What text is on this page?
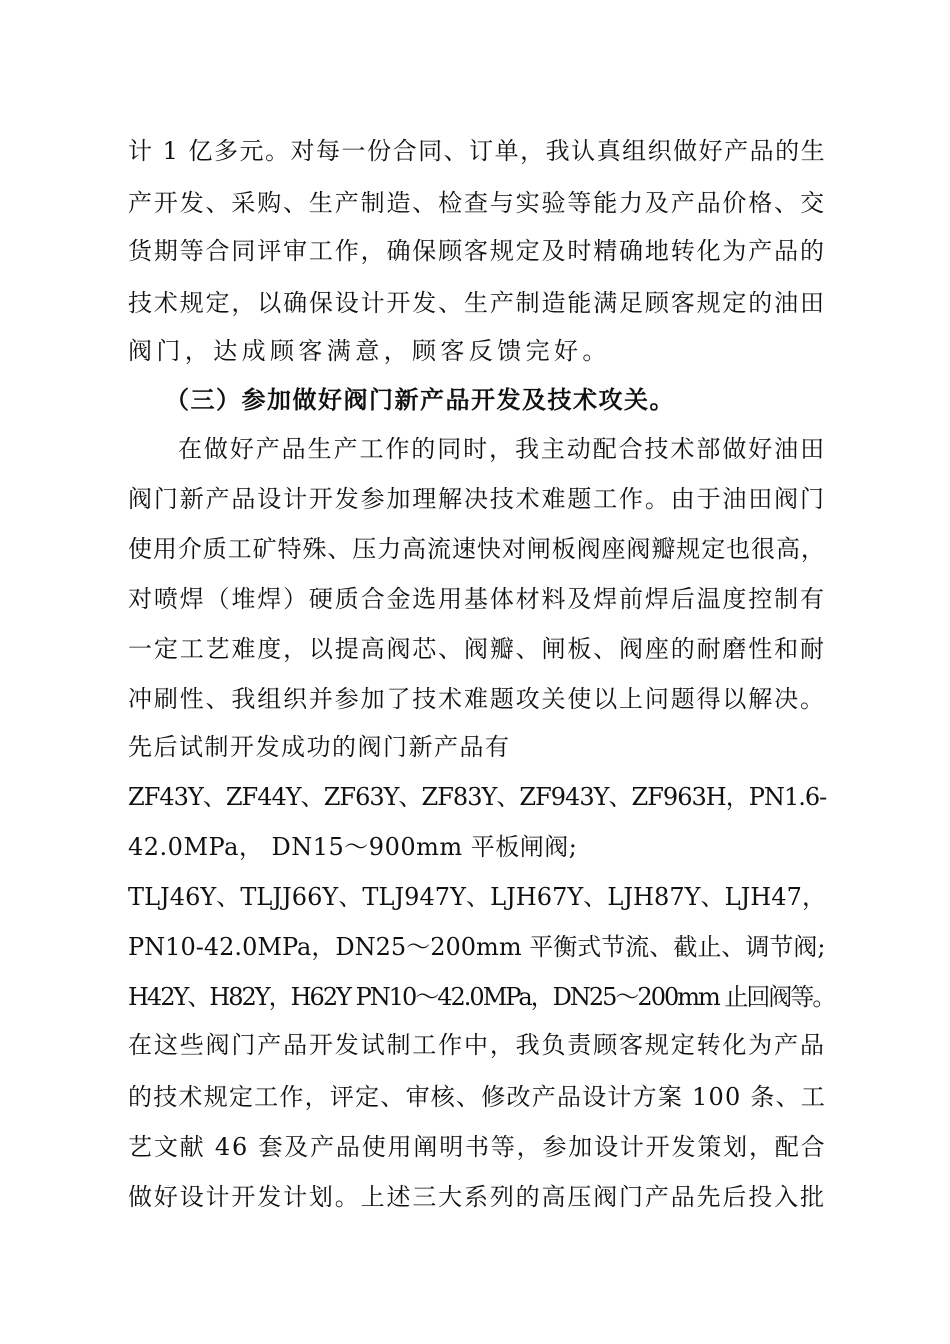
计 1 亿多元。对每一份合同、订单，我认真组织做好产品的生
产开发、采购、生产制造、检查与实验等能力及产品价格、交
货期等合同评审工作，确保顾客规定及时精确地转化为产品的
技术规定，以确保设计开发、生产制造能满足顾客规定的油田
阀门，达成顾客满意，顾客反馈完好。
（三）参加做好阀门新产品开发及技术攻关。
在做好产品生产工作的同时，我主动配合技术部做好油田
阀门新产品设计开发参加理解决技术难题工作。由于油田阀门
使用介质工矿特殊、压力高流速快对闸板阀座阀瓣规定也很高，
对喷焊（堆焊）硬质合金选用基体材料及焊前焊后温度控制有
一定工艺难度，以提高阀芯、阀瓣、闸板、阀座的耐磨性和耐
冲刷性、我组织并参加了技术难题攻关使以上问题得以解决。
先后试制开发成功的阀门新产品有
ZF43Y、ZF44Y、ZF63Y、ZF83Y、ZF943Y、ZF963H，PN1.6-
42.0MPa， DN15～900mm 平板闸阀;
TLJ46Y、TLJJ66Y、TLJ947Y、LJH67Y、LJH87Y、LJH47，
PN10-42.0MPa，DN25～200mm 平衡式节流、截止、调节阀;
H42Y、H82Y，H62Y PN10～42.0MPa，DN25～200mm 止回阀等。
在这些阀门产品开发试制工作中，我负责顾客规定转化为产品
的技术规定工作，评定、审核、修改产品设计方案 100 条、工
艺文献 46 套及产品使用阐明书等，参加设计开发策划，配合
做好设计开发计划。上述三大系列的高压阀门产品先后投入批
